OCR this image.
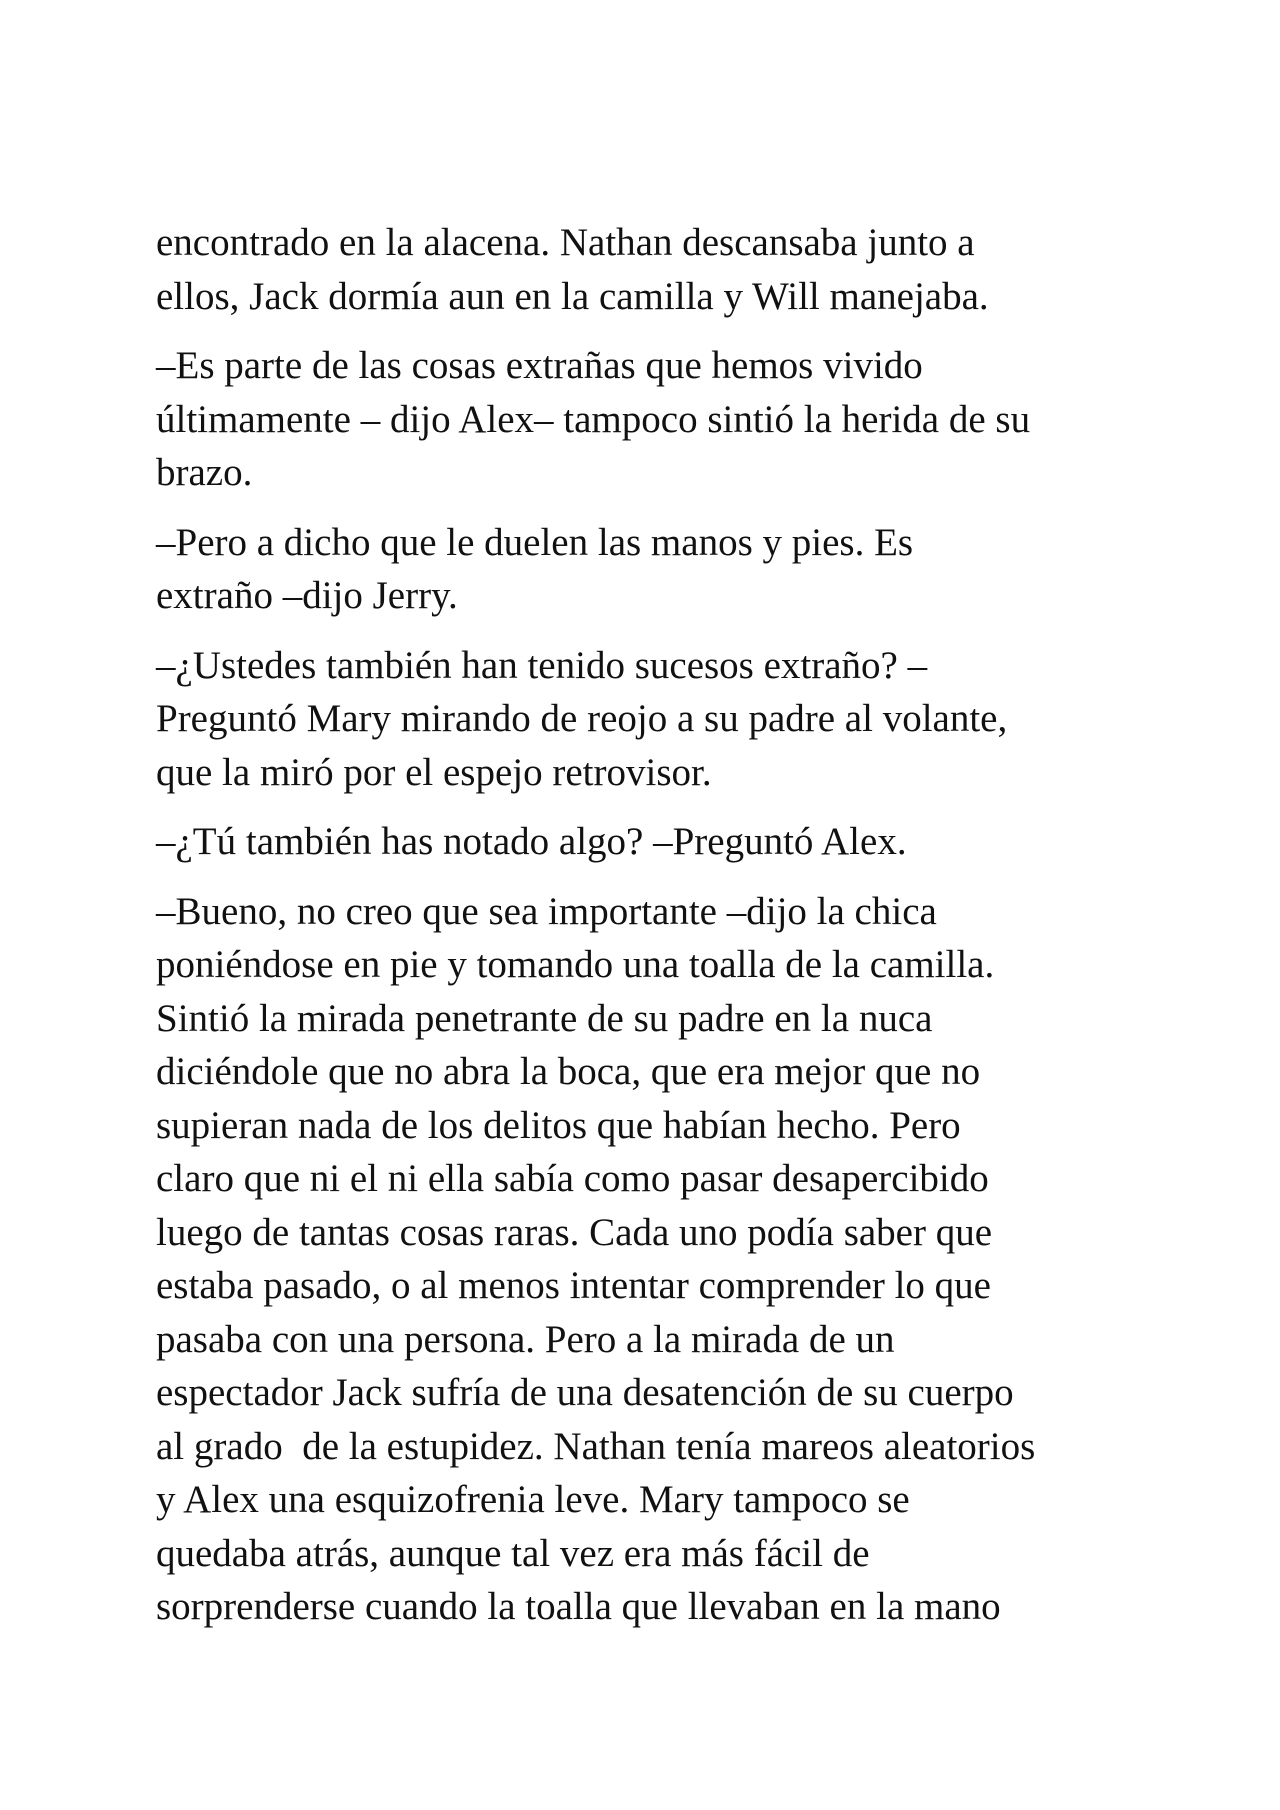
encontrado en la alacena. Nathan descansaba junto a
ellos, Jack dormía aun en la camilla y Will manejaba.

–Es parte de las cosas extrañas que hemos vivido
últimamente – dijo Alex– tampoco sintió la herida de su
brazo.

–Pero a dicho que le duelen las manos y pies. Es
extraño –dijo Jerry.

–¿Ustedes también han tenido sucesos extraño? –
Preguntó Mary mirando de reojo a su padre al volante,
que la miró por el espejo retrovisor.

–¿Tú también has notado algo? –Preguntó Alex.

–Bueno, no creo que sea importante –dijo la chica
poniéndose en pie y tomando una toalla de la camilla.
Sintió la mirada penetrante de su padre en la nuca
diciéndole que no abra la boca, que era mejor que no
supieran nada de los delitos que habían hecho. Pero
claro que ni el ni ella sabía como pasar desapercibido
luego de tantas cosas raras. Cada uno podía saber que
estaba pasado, o al menos intentar comprender lo que
pasaba con una persona. Pero a la mirada de un
espectador Jack sufría de una desatención de su cuerpo
al grado  de la estupidez. Nathan tenía mareos aleatorios
y Alex una esquizofrenia leve. Mary tampoco se
quedaba atrás, aunque tal vez era más fácil de
sorprenderse cuando la toalla que llevaban en la mano
